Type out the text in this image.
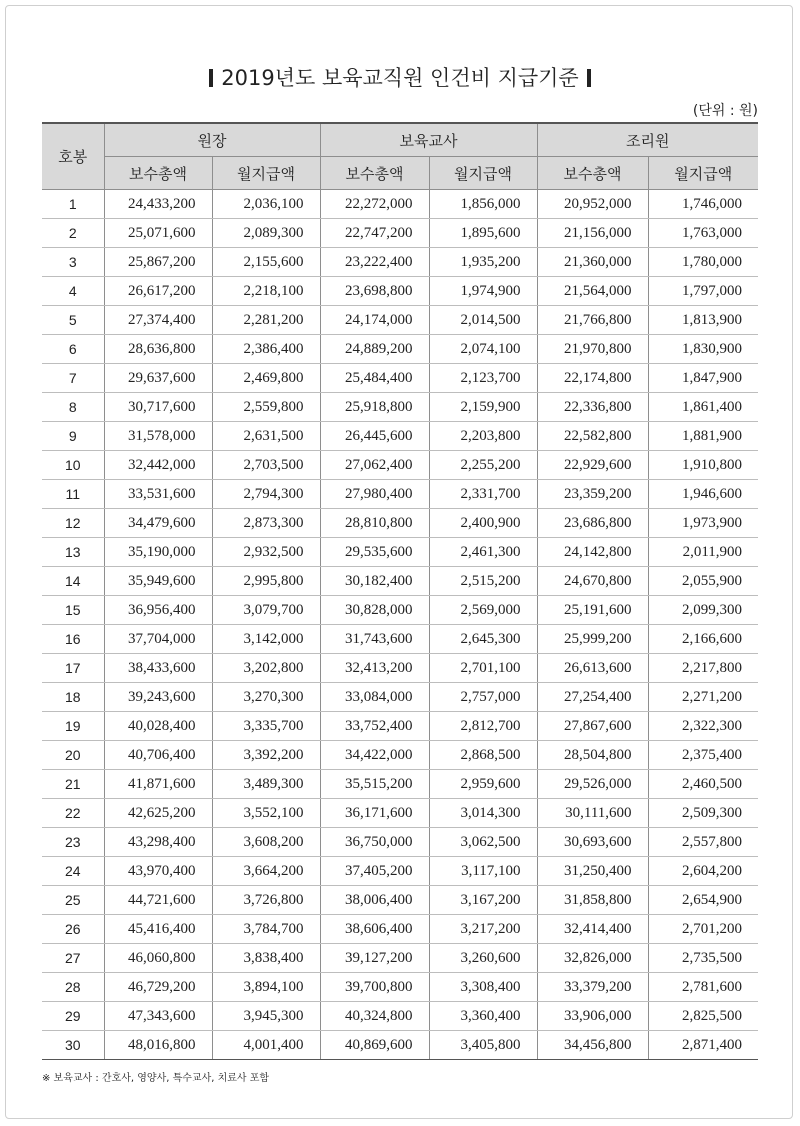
2019년도 보육교직원 인건비 지급기준
(단위 : 원)
호봉	원장		보육교사		조리원	
	보수총액	월지급액	보수총액	월지급액	보수총액	월지급액
1	24,433,200	2,036,100	22,272,000	1,856,000	20,952,000	1,746,000
2	25,071,600	2,089,300	22,747,200	1,895,600	21,156,000	1,763,000
3	25,867,200	2,155,600	23,222,400	1,935,200	21,360,000	1,780,000
4	26,617,200	2,218,100	23,698,800	1,974,900	21,564,000	1,797,000
5	27,374,400	2,281,200	24,174,000	2,014,500	21,766,800	1,813,900
6	28,636,800	2,386,400	24,889,200	2,074,100	21,970,800	1,830,900
7	29,637,600	2,469,800	25,484,400	2,123,700	22,174,800	1,847,900
8	30,717,600	2,559,800	25,918,800	2,159,900	22,336,800	1,861,400
9	31,578,000	2,631,500	26,445,600	2,203,800	22,582,800	1,881,900
10	32,442,000	2,703,500	27,062,400	2,255,200	22,929,600	1,910,800
11	33,531,600	2,794,300	27,980,400	2,331,700	23,359,200	1,946,600
12	34,479,600	2,873,300	28,810,800	2,400,900	23,686,800	1,973,900
13	35,190,000	2,932,500	29,535,600	2,461,300	24,142,800	2,011,900
14	35,949,600	2,995,800	30,182,400	2,515,200	24,670,800	2,055,900
15	36,956,400	3,079,700	30,828,000	2,569,000	25,191,600	2,099,300
16	37,704,000	3,142,000	31,743,600	2,645,300	25,999,200	2,166,600
17	38,433,600	3,202,800	32,413,200	2,701,100	26,613,600	2,217,800
18	39,243,600	3,270,300	33,084,000	2,757,000	27,254,400	2,271,200
19	40,028,400	3,335,700	33,752,400	2,812,700	27,867,600	2,322,300
20	40,706,400	3,392,200	34,422,000	2,868,500	28,504,800	2,375,400
21	41,871,600	3,489,300	35,515,200	2,959,600	29,526,000	2,460,500
22	42,625,200	3,552,100	36,171,600	3,014,300	30,111,600	2,509,300
23	43,298,400	3,608,200	36,750,000	3,062,500	30,693,600	2,557,800
24	43,970,400	3,664,200	37,405,200	3,117,100	31,250,400	2,604,200
25	44,721,600	3,726,800	38,006,400	3,167,200	31,858,800	2,654,900
26	45,416,400	3,784,700	38,606,400	3,217,200	32,414,400	2,701,200
27	46,060,800	3,838,400	39,127,200	3,260,600	32,826,000	2,735,500
28	46,729,200	3,894,100	39,700,800	3,308,400	33,379,200	2,781,600
29	47,343,600	3,945,300	40,324,800	3,360,400	33,906,000	2,825,500
30	48,016,800	4,001,400	40,869,600	3,405,800	34,456,800	2,871,400
※ 보육교사 : 간호사, 영양사, 특수교사, 치료사 포함
